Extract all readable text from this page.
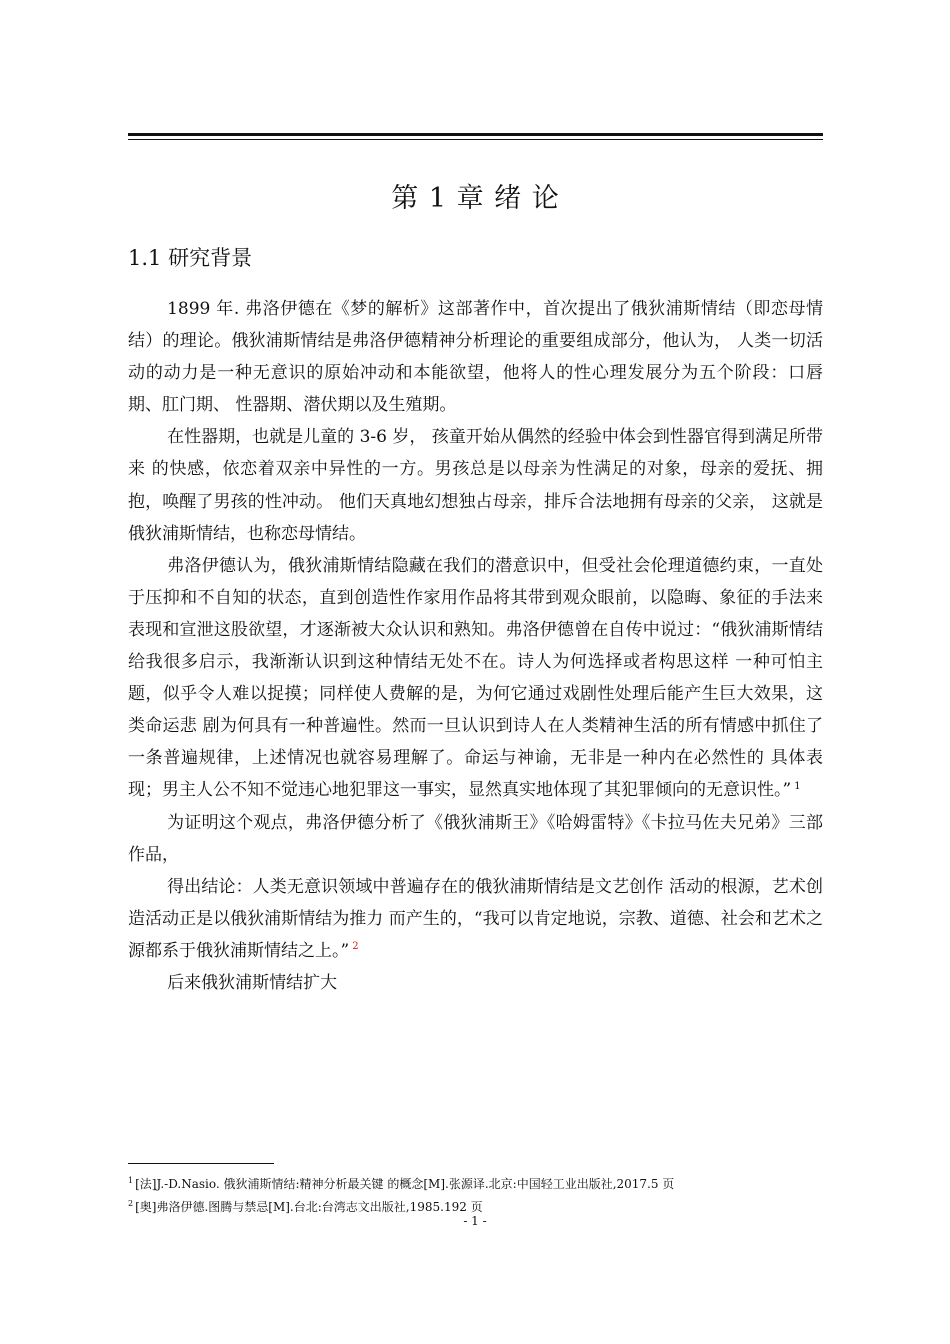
第 1 章 绪 论
1.1 研究背景

1899 年. 弗洛伊德在《梦的解析》这部著作中，首次提出了俄狄浦斯情结（即恋母情结）的理论。俄狄浦斯情结是弗洛伊德精神分析理论的重要组成部分，他认为， 人类一切活动的动力是一种无意识的原始冲动和本能欲望，他将人的性心理发展分为五个阶段：口唇期、肛门期、 性器期、潜伏期以及生殖期。

在性器期，也就是儿童的 3-6 岁， 孩童开始从偶然的经验中体会到性器官得到满足所带来 的快感，依恋着双亲中异性的一方。男孩总是以母亲为性满足的对象，母亲的爱抚、拥抱，唤醒了男孩的性冲动。 他们天真地幻想独占母亲，排斥合法地拥有母亲的父亲， 这就是俄狄浦斯情结，也称恋母情结。

弗洛伊德认为，俄狄浦斯情结隐藏在我们的潜意识中，但受社会伦理道德约束，一直处于压抑和不自知的状态，直到创造性作家用作品将其带到观众眼前，以隐晦、象征的手法来表现和宣泄这股欲望，才逐渐被大众认识和熟知。弗洛伊德曾在自传中说过：“俄狄浦斯情结给我很多启示，我渐渐认识到这种情结无处不在。诗人为何选择或者构思这样 一种可怕主题，似乎令人难以捉摸；同样使人费解的是，为何它通过戏剧性处理后能产生巨大效果，这类命运悲 剧为何具有一种普遍性。然而一旦认识到诗人在人类精神生活的所有情感中抓住了一条普遍规律，上述情况也就容易理解了。命运与神谕，无非是一种内在必然性的 具体表现；男主人公不知不觉违心地犯罪这一事实，显然真实地体现了其犯罪倾向的无意识性。” $^1$

为证明这个观点，弗洛伊德分析了《俄狄浦斯王》《哈姆雷特》《卡拉马佐夫兄弟》三部作品，

得出结论：人类无意识领域中普遍存在的俄狄浦斯情结是文艺创作 活动的根源，艺术创造活动正是以俄狄浦斯情结为推力 而产生的，“我可以肯定地说，宗教、道德、社会和艺术之源都系于俄狄浦斯情结之上。” $^2$

后来俄狄浦斯情结扩大

$^1$ [法]J.-D.Nasio. 俄狄浦斯情结:精神分析最关键 的概念[M].张源译.北京:中国轻工业出版社,2017.5 页

$^2$ [奥]弗洛伊德.图腾与禁忌[M].台北:台湾志文出版社,1985.192 页

- 1 -
